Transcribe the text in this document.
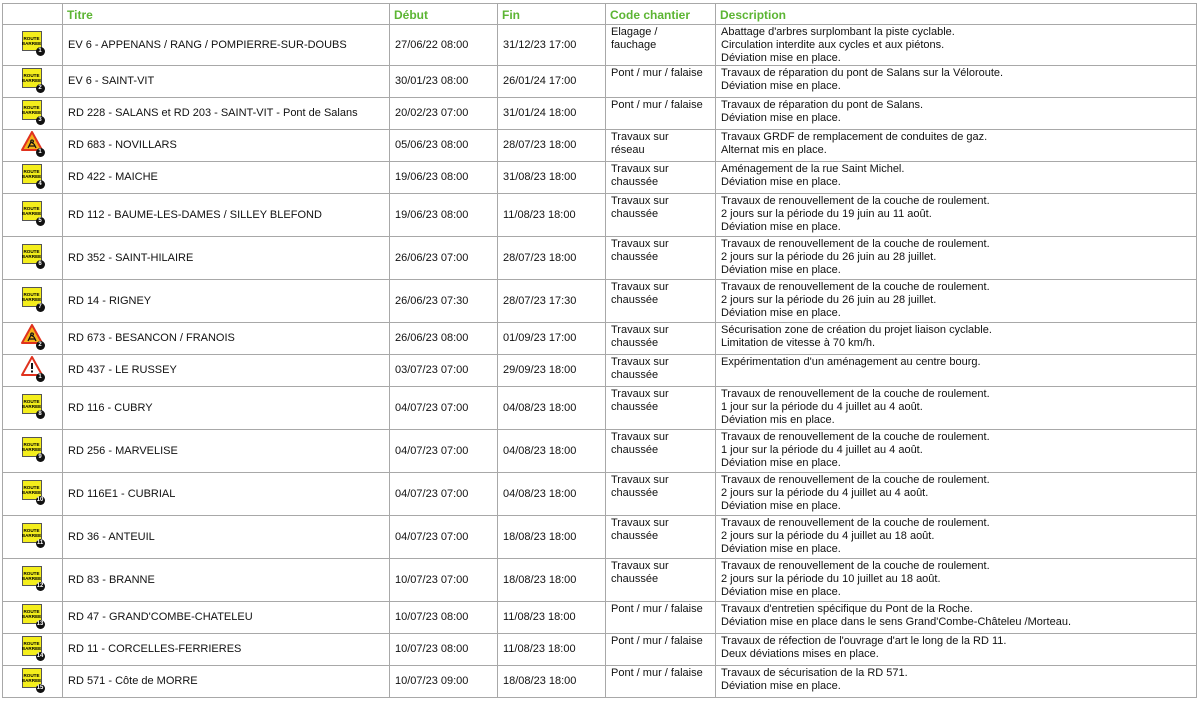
	Titre	Début	Fin	Code chantier	Description

ROUTE
BARREE
1	EV 6 - APPENANS / RANG / POMPIERRE-SUR-DOUBS	27/06/22 08:00	31/12/23 17:00	Elagage /
fauchage	Abattage d'arbres surplombant la piste cyclable.
Circulation interdite aux cycles et aux piétons.
Déviation mise en place.

ROUTE
BARREE
2	EV 6 - SAINT-VIT	30/01/23 08:00	26/01/24 17:00	Pont / mur / falaise	Travaux de réparation du pont de Salans sur la Véloroute.
Déviation mise en place.

ROUTE
BARREE
3	RD 228 - SALANS et RD 203 - SAINT-VIT - Pont de Salans	20/02/23 07:00	31/01/24 18:00	Pont / mur / falaise	Travaux de réparation du pont de Salans.
Déviation mise en place.

1	RD 683 - NOVILLARS	05/06/23 08:00	28/07/23 18:00	Travaux sur
réseau	Travaux GRDF de remplacement de conduites de gaz.
Alternat mis en place.

ROUTE
BARREE
4	RD 422 - MAICHE	19/06/23 08:00	31/08/23 18:00	Travaux sur
chaussée	Aménagement de la rue Saint Michel.
Déviation mise en place.

ROUTE
BARREE
5	RD 112 - BAUME-LES-DAMES / SILLEY BLEFOND	19/06/23 08:00	11/08/23 18:00	Travaux sur
chaussée	Travaux de renouvellement de la couche de roulement.
2 jours sur la période du 19 juin au 11 août.
Déviation mise en place.

ROUTE
BARREE
6	RD 352 - SAINT-HILAIRE	26/06/23 07:00	28/07/23 18:00	Travaux sur
chaussée	Travaux de renouvellement de la couche de roulement.
2 jours sur la période du 26 juin au 28 juillet.
Déviation mise en place.

ROUTE
BARREE
7	RD 14 - RIGNEY	26/06/23 07:30	28/07/23 17:30	Travaux sur
chaussée	Travaux de renouvellement de la couche de roulement.
2 jours sur la période du 26 juin au 28 juillet.
Déviation mise en place.

2	RD 673 - BESANCON / FRANOIS	26/06/23 08:00	01/09/23 17:00	Travaux sur
chaussée	Sécurisation zone de création du projet liaison cyclable.
Limitation de vitesse à 70 km/h.

1	RD 437 - LE RUSSEY	03/07/23 07:00	29/09/23 18:00	Travaux sur
chaussée	Expérimentation d'un aménagement au centre bourg.

ROUTE
BARREE
8	RD 116 - CUBRY	04/07/23 07:00	04/08/23 18:00	Travaux sur
chaussée	Travaux de renouvellement de la couche de roulement.
1 jour sur la période du 4 juillet au 4 août.
Déviation mis en place.

ROUTE
BARREE
9	RD 256 - MARVELISE	04/07/23 07:00	04/08/23 18:00	Travaux sur
chaussée	Travaux de renouvellement de la couche de roulement.
1 jour sur la période du 4 juillet au 4 août.
Déviation mise en place.

ROUTE
BARREE
10	RD 116E1 - CUBRIAL	04/07/23 07:00	04/08/23 18:00	Travaux sur
chaussée	Travaux de renouvellement de la couche de roulement.
2 jours sur la période du 4 juillet au 4 août.
Déviation mise en place.

ROUTE
BARREE
11	RD 36 - ANTEUIL	04/07/23 07:00	18/08/23 18:00	Travaux sur
chaussée	Travaux de renouvellement de la couche de roulement.
2 jours sur la période du 4 juillet au 18 août.
Déviation mise en place.

ROUTE
BARREE
12	RD 83 - BRANNE	10/07/23 07:00	18/08/23 18:00	Travaux sur
chaussée	Travaux de renouvellement de la couche de roulement.
2 jours sur la période du 10 juillet au 18 août.
Déviation mise en place.

ROUTE
BARREE
13	RD 47 - GRAND'COMBE-CHATELEU	10/07/23 08:00	11/08/23 18:00	Pont / mur / falaise	Travaux d'entretien spécifique du Pont de la Roche.
Déviation mise en place dans le sens Grand'Combe-Châteleu /Morteau.

ROUTE
BARREE
14	RD 11 - CORCELLES-FERRIERES	10/07/23 08:00	11/08/23 18:00	Pont / mur / falaise	Travaux de réfection de l'ouvrage d'art le long de la RD 11.
Deux déviations mises en place.

ROUTE
BARREE
15	RD 571 - Côte de MORRE	10/07/23 09:00	18/08/23 18:00	Pont / mur / falaise	Travaux de sécurisation de la RD 571.
Déviation mise en place.
